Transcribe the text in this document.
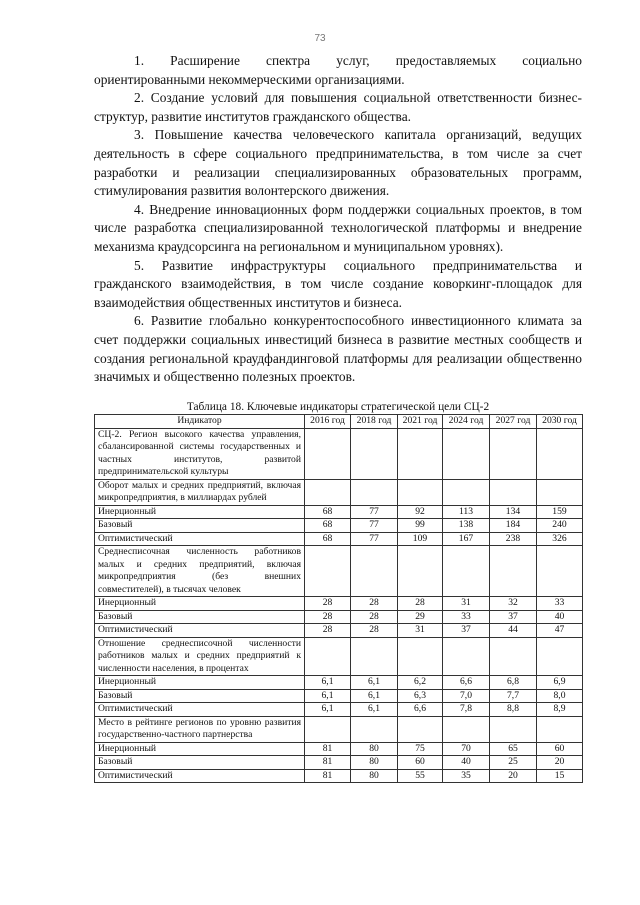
73

1. Расширение спектра услуг, предоставляемых социально ориентированными некоммерческими организациями.

2. Создание условий для повышения социальной ответственности бизнес-структур, развитие институтов гражданского общества.

3. Повышение качества человеческого капитала организаций, ведущих деятельность в сфере социального предпринимательства, в том числе за счет разработки и реализации специализированных образовательных программ, стимулирования развития волонтерского движения.

4. Внедрение инновационных форм поддержки социальных проектов, в том числе разработка специализированной технологической платформы и внедрение механизма краудсорсинга на региональном и муниципальном уровнях).

5. Развитие инфраструктуры социального предпринимательства и гражданского взаимодействия, в том числе создание коворкинг-площадок для взаимодействия общественных институтов и бизнеса.

6. Развитие глобально конкурентоспособного инвестиционного климата за счет поддержки социальных инвестиций бизнеса в развитие местных сообществ и создания региональной краудфандинговой платформы для реализации общественно значимых и общественно полезных проектов.

Таблица 18. Ключевые индикаторы стратегической цели СЦ-2
Индикатор	2016 год	2018 год	2021 год	2024 год	2027 год	2030 год
СЦ-2. Регион высокого качества управления, сбалансированной системы государственных и частных институтов, развитой предпринимательской культуры						
Оборот малых и средних предприятий, включая микропредприятия, в миллиардах рублей						
Инерционный	68	77	92	113	134	159
Базовый	68	77	99	138	184	240
Оптимистический	68	77	109	167	238	326
Среднесписочная численность работников малых и средних предприятий, включая микропредприятия (без внешних совместителей), в тысячах человек						
Инерционный	28	28	28	31	32	33
Базовый	28	28	29	33	37	40
Оптимистический	28	28	31	37	44	47
Отношение среднесписочной численности работников малых и средних предприятий к численности населения, в процентах						
Инерционный	6,1	6,1	6,2	6,6	6,8	6,9
Базовый	6,1	6,1	6,3	7,0	7,7	8,0
Оптимистический	6,1	6,1	6,6	7,8	8,8	8,9
Место в рейтинге регионов по уровню развития государственно-частного партнерства						
Инерционный	81	80	75	70	65	60
Базовый	81	80	60	40	25	20
Оптимистический	81	80	55	35	20	15
